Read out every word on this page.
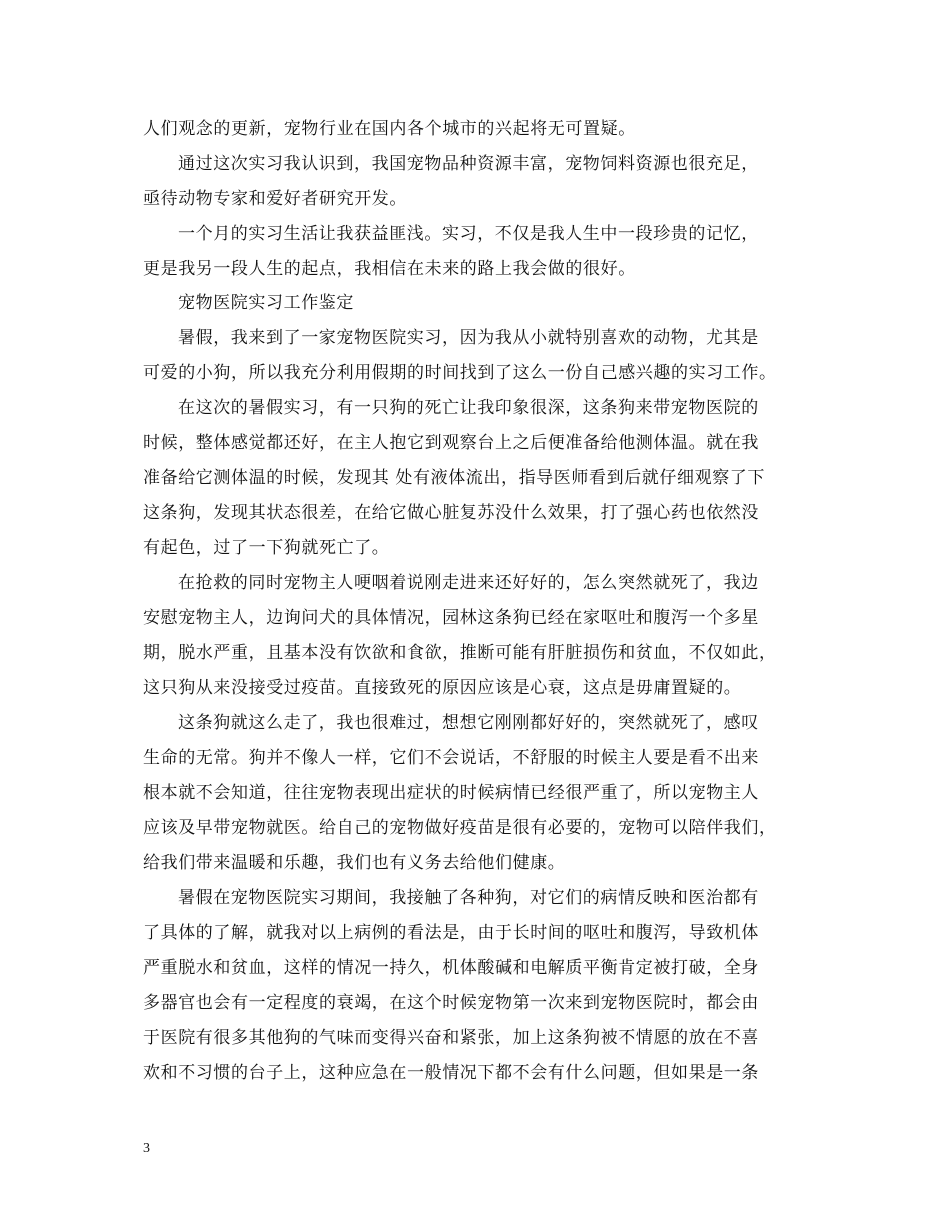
人们观念的更新，宠物行业在国内各个城市的兴起将无可置疑。
通过这次实习我认识到，我国宠物品种资源丰富，宠物饲料资源也很充足，
亟待动物专家和爱好者研究开发。
一个月的实习生活让我获益匪浅。实习，不仅是我人生中一段珍贵的记忆，
更是我另一段人生的起点，我相信在未来的路上我会做的很好。
宠物医院实习工作鉴定
暑假，我来到了一家宠物医院实习，因为我从小就特别喜欢的动物，尤其是
可爱的小狗，所以我充分利用假期的时间找到了这么一份自己感兴趣的实习工作。
在这次的暑假实习，有一只狗的死亡让我印象很深，这条狗来带宠物医院的
时候，整体感觉都还好，在主人抱它到观察台上之后便准备给他测体温。就在我
准备给它测体温的时候，发现其 处有液体流出，指导医师看到后就仔细观察了下
这条狗，发现其状态很差，在给它做心脏复苏没什么效果，打了强心药也依然没
有起色，过了一下狗就死亡了。
在抢救的同时宠物主人哽咽着说刚走进来还好好的，怎么突然就死了，我边
安慰宠物主人，边询问犬的具体情况，园林这条狗已经在家呕吐和腹泻一个多星
期，脱水严重，且基本没有饮欲和食欲，推断可能有肝脏损伤和贫血，不仅如此，
这只狗从来没接受过疫苗。直接致死的原因应该是心衰，这点是毋庸置疑的。
这条狗就这么走了，我也很难过，想想它刚刚都好好的，突然就死了，感叹
生命的无常。狗并不像人一样，它们不会说话，不舒服的时候主人要是看不出来
根本就不会知道，往往宠物表现出症状的时候病情已经很严重了，所以宠物主人
应该及早带宠物就医。给自己的宠物做好疫苗是很有必要的，宠物可以陪伴我们，
给我们带来温暖和乐趣，我们也有义务去给他们健康。
暑假在宠物医院实习期间，我接触了各种狗，对它们的病情反映和医治都有
了具体的了解，就我对以上病例的看法是，由于长时间的呕吐和腹泻，导致机体
严重脱水和贫血，这样的情况一持久，机体酸碱和电解质平衡肯定被打破，全身
多器官也会有一定程度的衰竭，在这个时候宠物第一次来到宠物医院时，都会由
于医院有很多其他狗的气味而变得兴奋和紧张，加上这条狗被不情愿的放在不喜
欢和不习惯的台子上，这种应急在一般情况下都不会有什么问题，但如果是一条
3
